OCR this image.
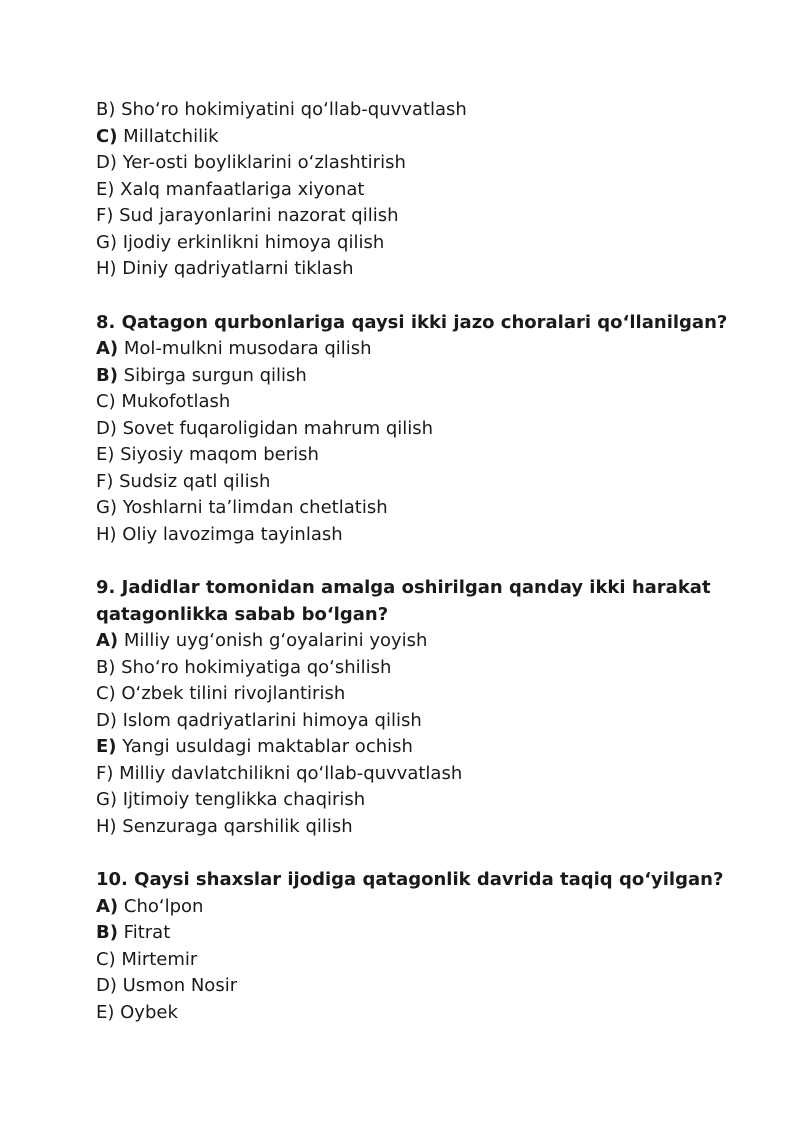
B) Sho‘ro hokimiyatini qo‘llab-quvvatlash
C) Millatchilik
D) Yer-osti boyliklarini o‘zlashtirish
E) Xalq manfaatlariga xiyonat
F) Sud jarayonlarini nazorat qilish
G) Ijodiy erkinlikni himoya qilish
H) Diniy qadriyatlarni tiklash

8. Qatagon qurbonlariga qaysi ikki jazo choralari qo‘llanilgan?

A) Mol-mulkni musodara qilish
B) Sibirga surgun qilish
C) Mukofotlash
D) Sovet fuqaroligidan mahrum qilish
E) Siyosiy maqom berish
F) Sudsiz qatl qilish
G) Yoshlarni ta’limdan chetlatish
H) Oliy lavozimga tayinlash

9. Jadidlar tomonidan amalga oshirilgan qanday ikki harakat
qatagonlikka sabab bo‘lgan?

A) Milliy uyg‘onish g‘oyalarini yoyish
B) Sho‘ro hokimiyatiga qo‘shilish
C) O‘zbek tilini rivojlantirish
D) Islom qadriyatlarini himoya qilish
E) Yangi usuldagi maktablar ochish
F) Milliy davlatchilikni qo‘llab-quvvatlash
G) Ijtimoiy tenglikka chaqirish
H) Senzuraga qarshilik qilish

10. Qaysi shaxslar ijodiga qatagonlik davrida taqiq qo‘yilgan?

A) Cho‘lpon
B) Fitrat
C) Mirtemir
D) Usmon Nosir
E) Oybek
